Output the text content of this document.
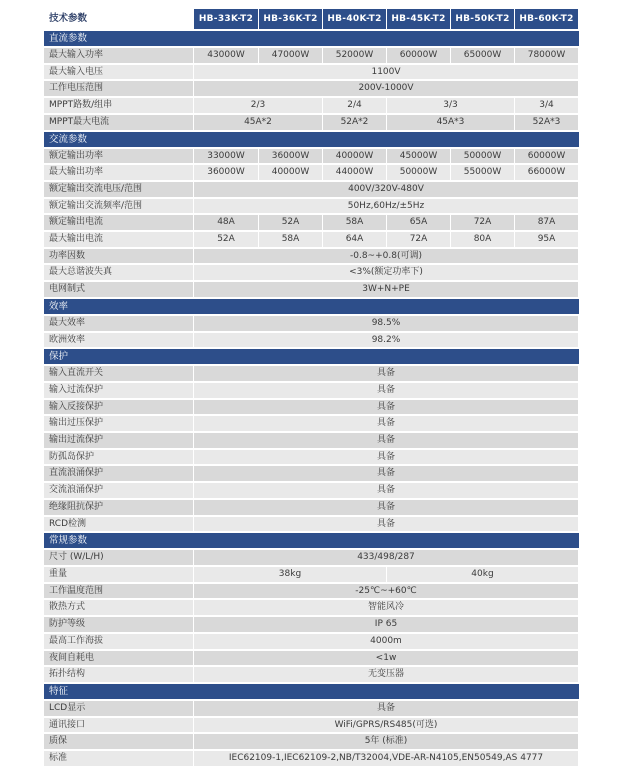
技术参数	HB-33K-T2	HB-36K-T2	HB-40K-T2	HB-45K-T2	HB-50K-T2	HB-60K-T2
直流参数						
最大输入功率	43000W	47000W	52000W	60000W	65000W	78000W
最大输入电压	1100V					
工作电压范围	200V-1000V					
MPPT路数/组串	2/3		2/4	3/3		3/4
MPPT最大电流	45A*2		52A*2	45A*3		52A*3
交流参数						
额定输出功率	33000W	36000W	40000W	45000W	50000W	60000W
最大输出功率	36000W	40000W	44000W	50000W	55000W	66000W
额定输出交流电压/范围	400V/320V-480V					
额定输出交流频率/范围	50Hz,60Hz/±5Hz					
额定输出电流	48A	52A	58A	65A	72A	87A
最大输出电流	52A	58A	64A	72A	80A	95A
功率因数	-0.8~+0.8(可调)					
最大总谐波失真	<3%(额定功率下)					
电网制式	3W+N+PE					
效率						
最大效率	98.5%					
欧洲效率	98.2%					
保护						
输入直流开关	具备					
输入过流保护	具备					
输入反接保护	具备					
输出过压保护	具备					
输出过流保护	具备					
防孤岛保护	具备					
直流浪涌保护	具备					
交流浪涌保护	具备					
绝缘阻抗保护	具备					
RCD检测	具备					
常规参数						
尺寸 (W/L/H)	433/498/287					
重量	38kg			40kg		
工作温度范围	-25℃~+60℃					
散热方式	智能风冷					
防护等级	IP 65					
最高工作海拔	4000m					
夜间自耗电	<1w					
拓扑结构	无变压器					
特征						
LCD显示	具备					
通讯接口	WiFi/GPRS/RS485(可选)					
质保	5年 (标准)					
标准	IEC62109-1,IEC62109-2,NB/T32004,VDE-AR-N4105,EN50549,AS 4777					
